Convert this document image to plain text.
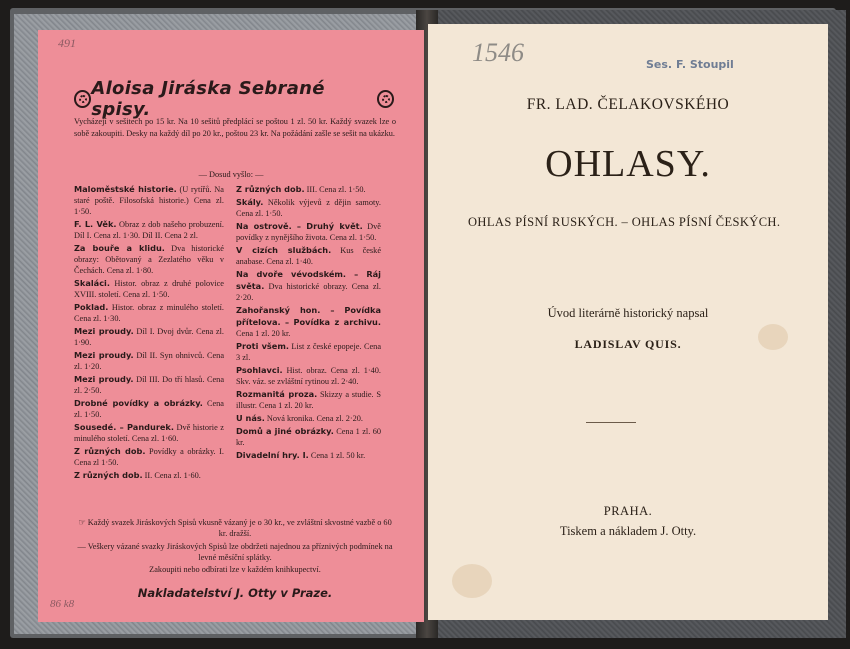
491
Aloisa Jiráska Sebrané spisy.
Vycházejí v sešitech po 15 kr. Na 10 sešitů předplácí se poštou 1 zl. 50 kr. Každý svazek lze o sobě zakoupiti. Desky na každý díl po 20 kr., poštou 23 kr. Na požádání zašle se sešit na ukázku.
— Dosud vyšlo: —
Maloměstské historie. (U rytířů. Na staré poště. Filosofská historie.) Cena zl. 1·50.
F. L. Věk. Obraz z dob našeho probuzení. Díl I. Cena zl. 1·30. Díl II. Cena 2 zl.
Za bouře a klidu. Dva historické obrazy: Obětovaný a Zezlatého věku v Čechách. Cena zl. 1·80.
Skaláci. Histor. obraz z druhé polovice XVIII. století. Cena zl. 1·50.
Poklad. Histor. obraz z minulého století. Cena zl. 1·30.
Mezi proudy. Díl I. Dvoj dvůr. Cena zl. 1·90.
Mezi proudy. Díl II. Syn ohnivců. Cena zl. 1·20.
Mezi proudy. Díl III. Do tří hlasů. Cena zl. 2·50.
Drobné povídky a obrázky. Cena zl. 1·50.
Sousedé. – Pandurek. Dvě historie z minulého století. Cena zl. 1·60.
Z různých dob. Povídky a obrázky. I. Cena zl 1·50.
Z různých dob. II. Cena zl. 1·60.
Z různých dob. III. Cena zl. 1·50.
Skály. Několik výjevů z dějin samoty. Cena zl. 1·50.
Na ostrově. – Druhý květ. Dvě povídky z nynějšího života. Cena zl. 1·50.
V cizích službách. Kus české anabase. Cena zl. 1·40.
Na dvoře vévodském. – Ráj světa. Dva historické obrazy. Cena zl. 2·20.
Zahořanský hon. – Povídka přítelova. – Povídka z archivu. Cena 1 zl. 20 kr.
Proti všem. List z české epopeje. Cena 3 zl.
Psohlavci. Hist. obraz. Cena zl. 1·40. Skv. váz. se zvláštní rytinou zl. 2·40.
Rozmanitá proza. Skizzy a studie. S illustr. Cena 1 zl. 20 kr.
U nás. Nová kronika. Cena zl. 2·20.
Domů a jiné obrázky. Cena 1 zl. 60 kr.
Divadelní hry. I. Cena 1 zl. 50 kr.
☞ Každý svazek Jiráskových Spisů vkusně vázaný je o 30 kr., ve zvláštní skvostné vazbě o 60 kr. dražší.
— Veškery vázané svazky Jiráskových Spisů lze obdržeti najednou za příznivých podmínek na levné měsíční splátky.
Zakoupiti nebo odbírati lze v každém knihkupectví.
Nakladatelství J. Otty v Praze.
86 k8
1546	Ses. F. Stoupil
FR. LAD. ČELAKOVSKÉHO
OHLASY.
OHLAS PÍSNÍ RUSKÝCH. – OHLAS PÍSNÍ ČESKÝCH.
Úvod literárně historický napsal
LADISLAV QUIS.
PRAHA.
Tiskem a nákladem J. Otty.
